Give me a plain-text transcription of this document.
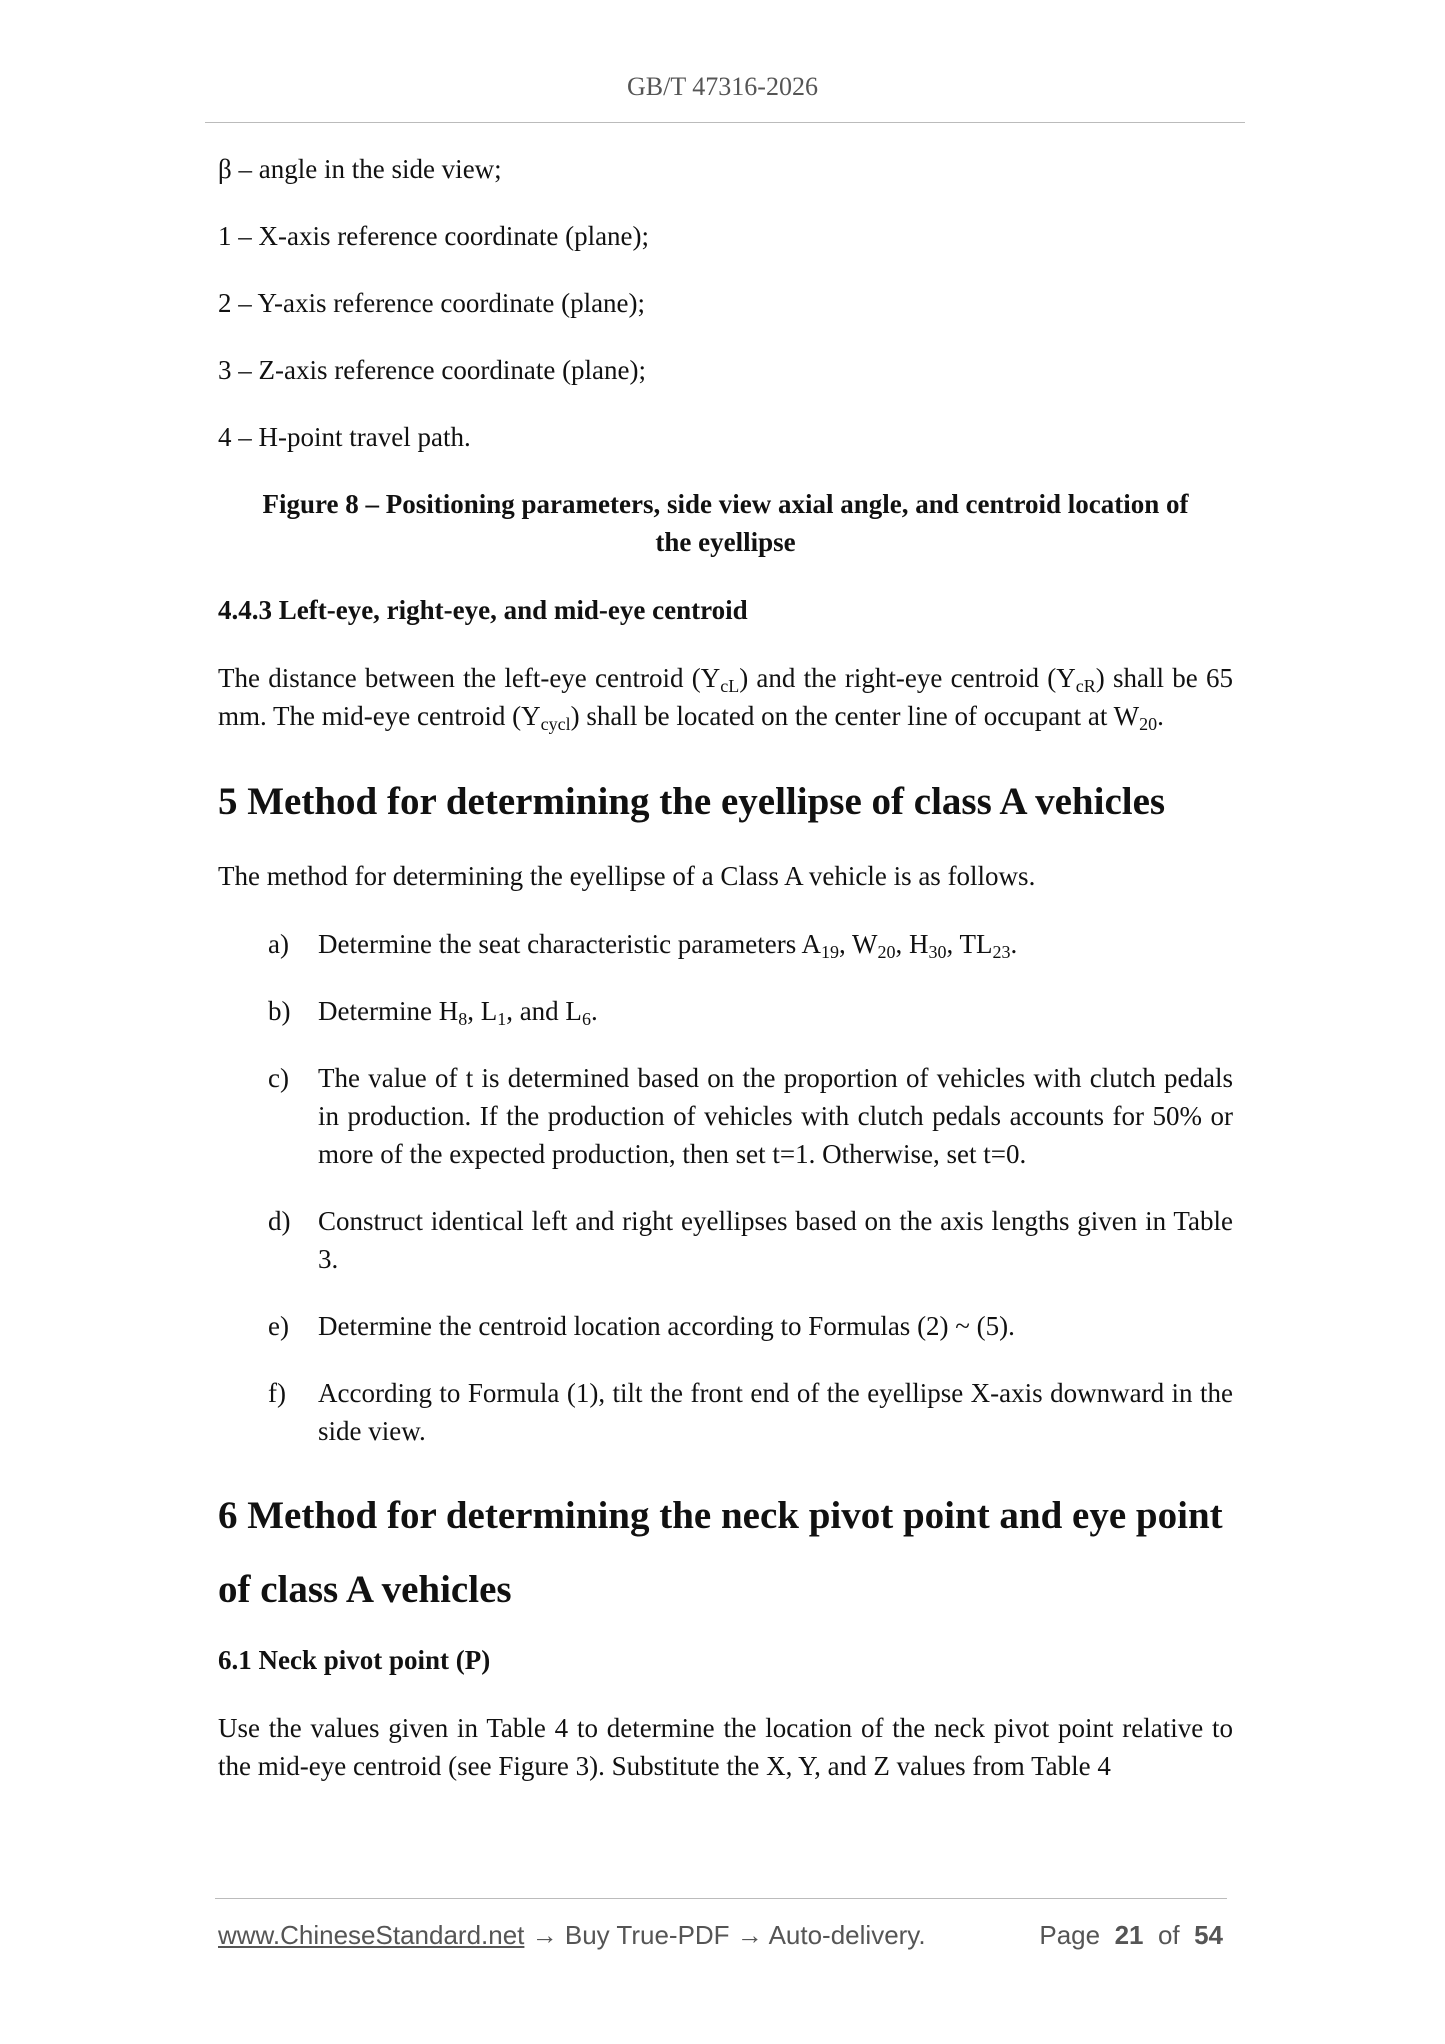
GB/T 47316-2026

β – angle in the side view;

1 – X-axis reference coordinate (plane);

2 – Y-axis reference coordinate (plane);

3 – Z-axis reference coordinate (plane);

4 – H-point travel path.

Figure 8 – Positioning parameters, side view axial angle, and centroid location of
the eyellipse

4.4.3 Left-eye, right-eye, and mid-eye centroid

The distance between the left-eye centroid $(Y_{cL})$ and the right-eye centroid $(Y_{cR})$ shall be 65 mm. The mid-eye centroid $(Y_{cycl})$ shall be located on the center line of occupant at $W_{20}$.

5 Method for determining the eyellipse of class A vehicles

The method for determining the eyellipse of a Class A vehicle is as follows.

a)	Determine the seat characteristic parameters $A_{19}$, $W_{20}$, $H_{30}$, $TL_{23}$.
b)	Determine $H_8$, $L_1$, and $L_6$.
c)	The value of t is determined based on the proportion of vehicles with clutch pedals in production. If the production of vehicles with clutch pedals accounts for 50% or more of the expected production, then set t=1. Otherwise, set t=0.
d)	Construct identical left and right eyellipses based on the axis lengths given in Table 3.
e)	Determine the centroid location according to Formulas (2) ~ (5).
f)	According to Formula (1), tilt the front end of the eyellipse X-axis downward in the side view.
6 Method for determining the neck pivot point and eye point of class A vehicles

6.1 Neck pivot point (P)

Use the values given in Table 4 to determine the location of the neck pivot point relative to the mid-eye centroid (see Figure 3). Substitute the X, Y, and Z values from Table 4

www.ChineseStandard.net → Buy True-PDF → Auto-delivery.	Page 21 of 54
